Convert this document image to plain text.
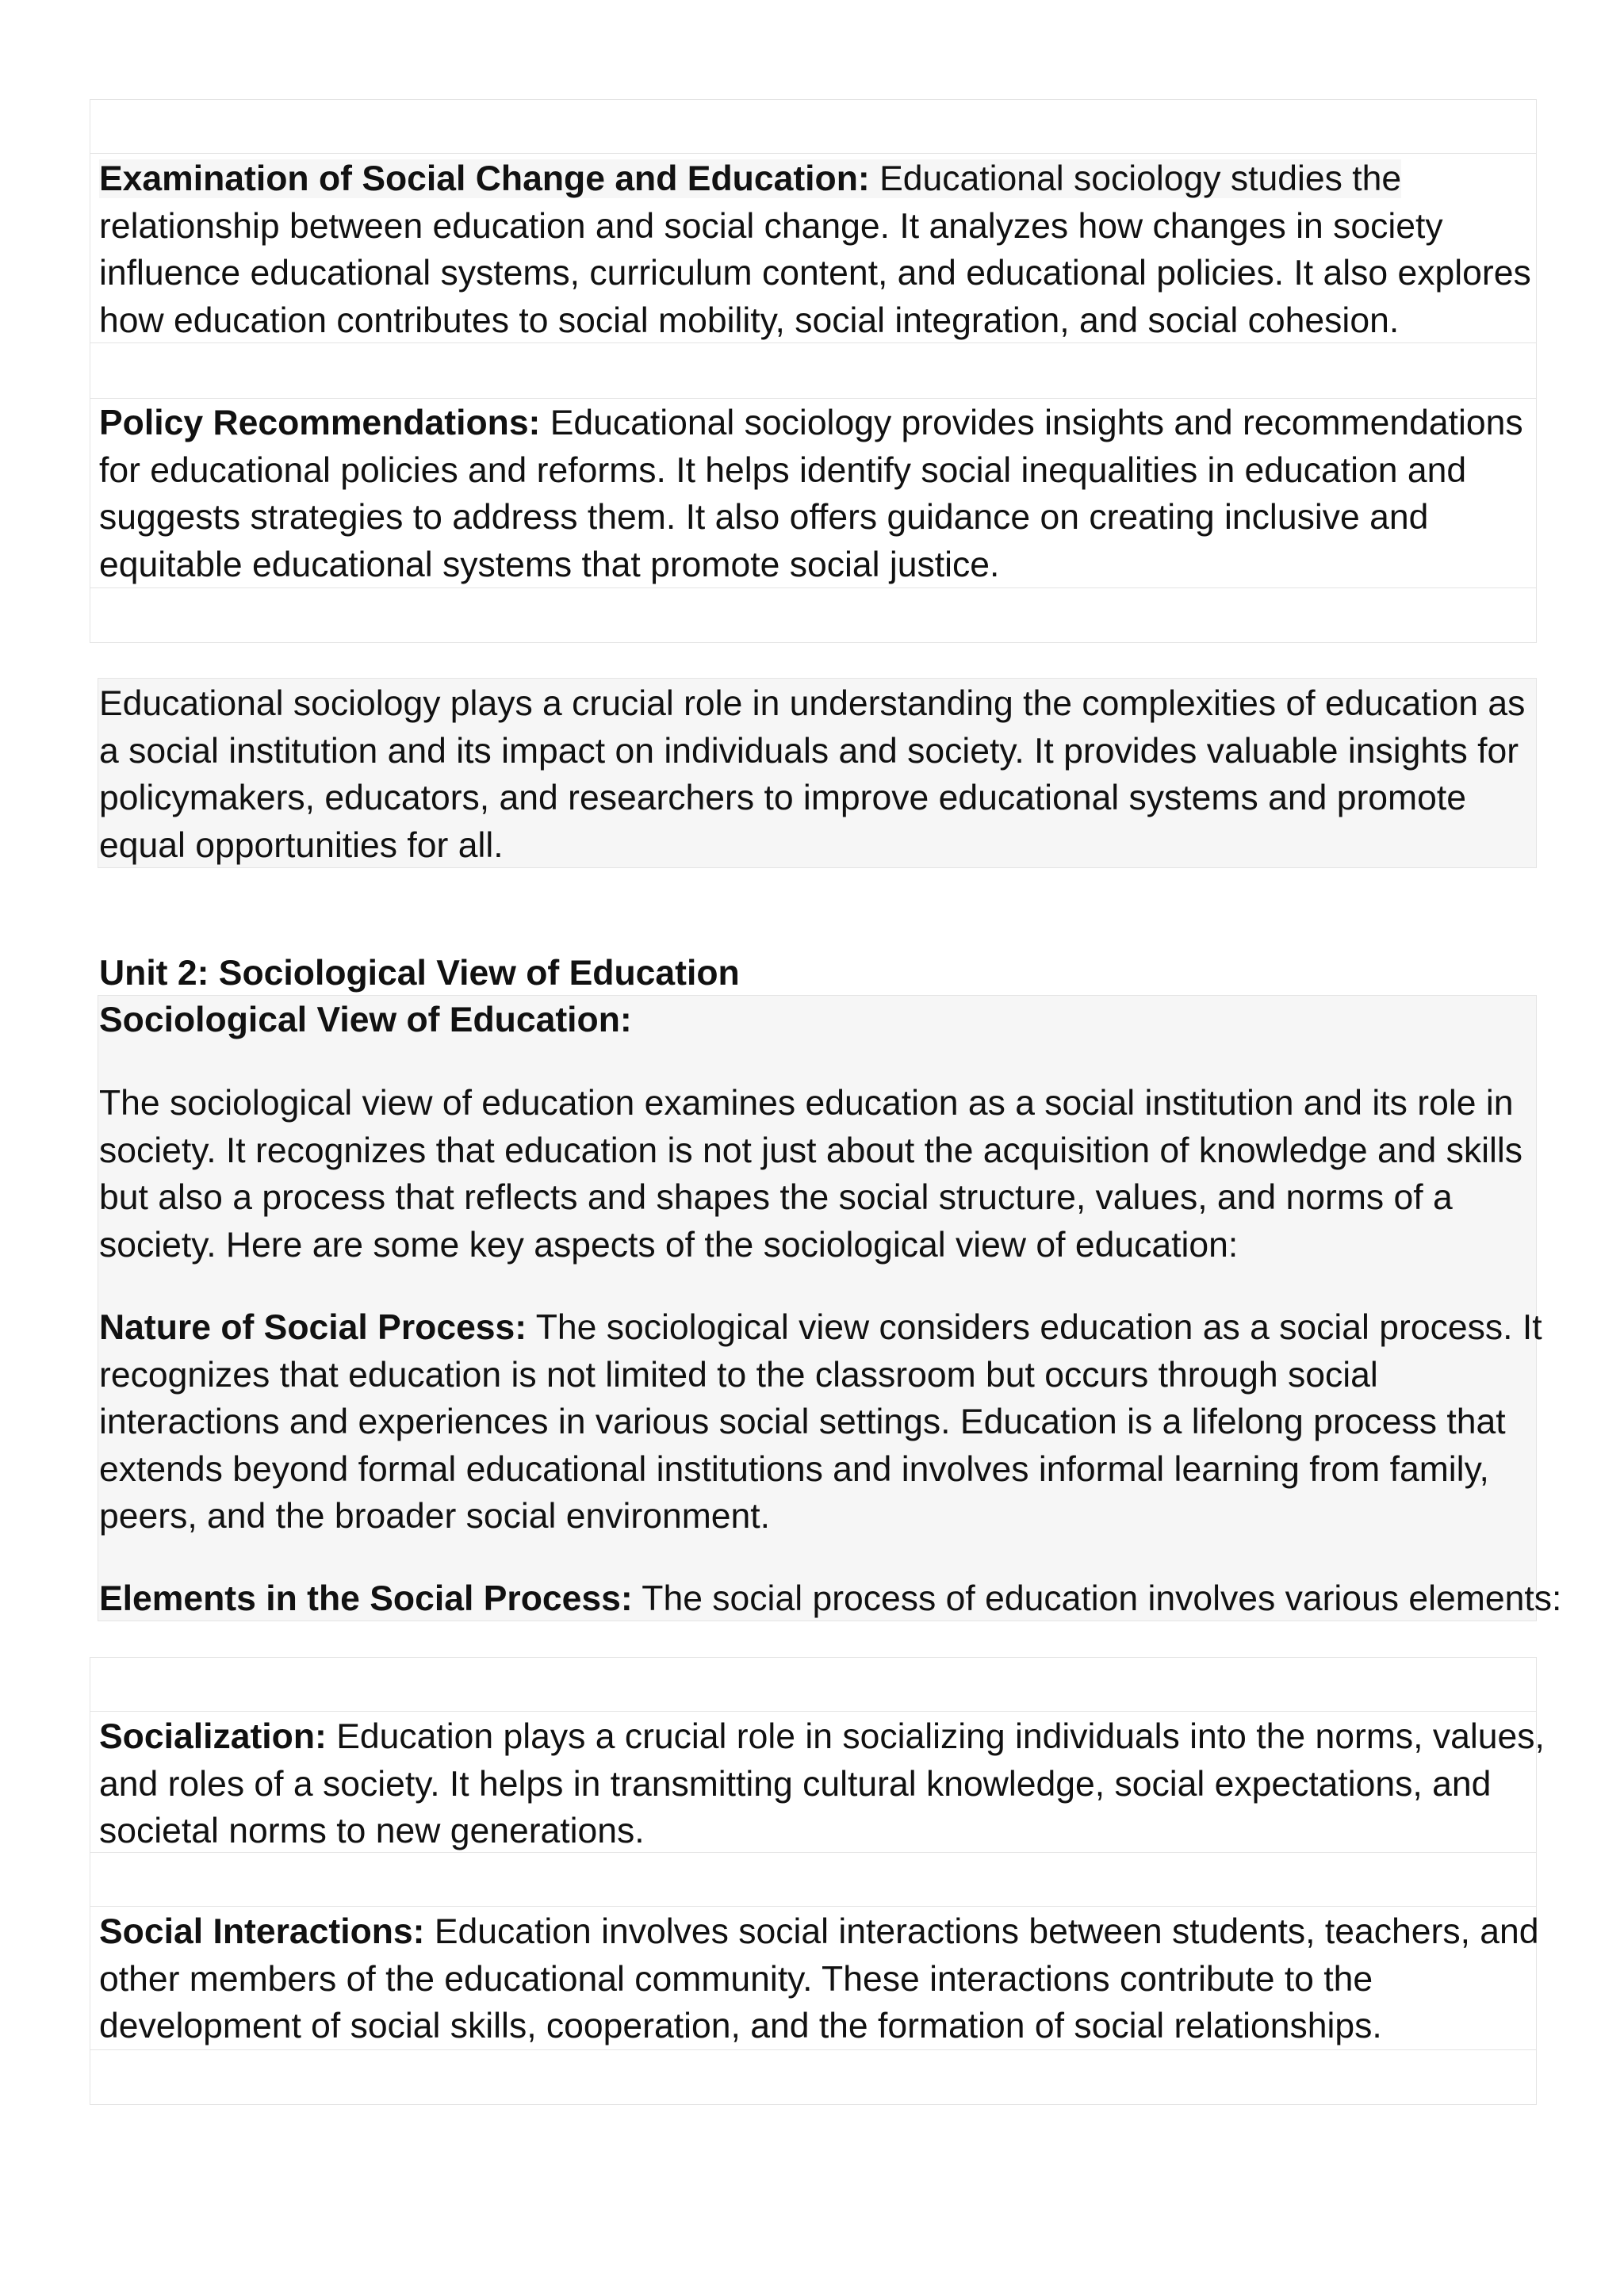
Examination of Social Change and Education: Educational sociology studies the
relationship between education and social change. It analyzes how changes in society
influence educational systems, curriculum content, and educational policies. It also explores
how education contributes to social mobility, social integration, and social cohesion.
Policy Recommendations: Educational sociology provides insights and recommendations
for educational policies and reforms. It helps identify social inequalities in education and
suggests strategies to address them. It also offers guidance on creating inclusive and
equitable educational systems that promote social justice.
Educational sociology plays a crucial role in understanding the complexities of education as
a social institution and its impact on individuals and society. It provides valuable insights for
policymakers, educators, and researchers to improve educational systems and promote
equal opportunities for all.
Unit 2: Sociological View of Education
Sociological View of Education:
The sociological view of education examines education as a social institution and its role in
society. It recognizes that education is not just about the acquisition of knowledge and skills
but also a process that reflects and shapes the social structure, values, and norms of a
society. Here are some key aspects of the sociological view of education:
Nature of Social Process: The sociological view considers education as a social process. It
recognizes that education is not limited to the classroom but occurs through social
interactions and experiences in various social settings. Education is a lifelong process that
extends beyond formal educational institutions and involves informal learning from family,
peers, and the broader social environment.
Elements in the Social Process: The social process of education involves various elements:
Socialization: Education plays a crucial role in socializing individuals into the norms, values,
and roles of a society. It helps in transmitting cultural knowledge, social expectations, and
societal norms to new generations.
Social Interactions: Education involves social interactions between students, teachers, and
other members of the educational community. These interactions contribute to the
development of social skills, cooperation, and the formation of social relationships.
